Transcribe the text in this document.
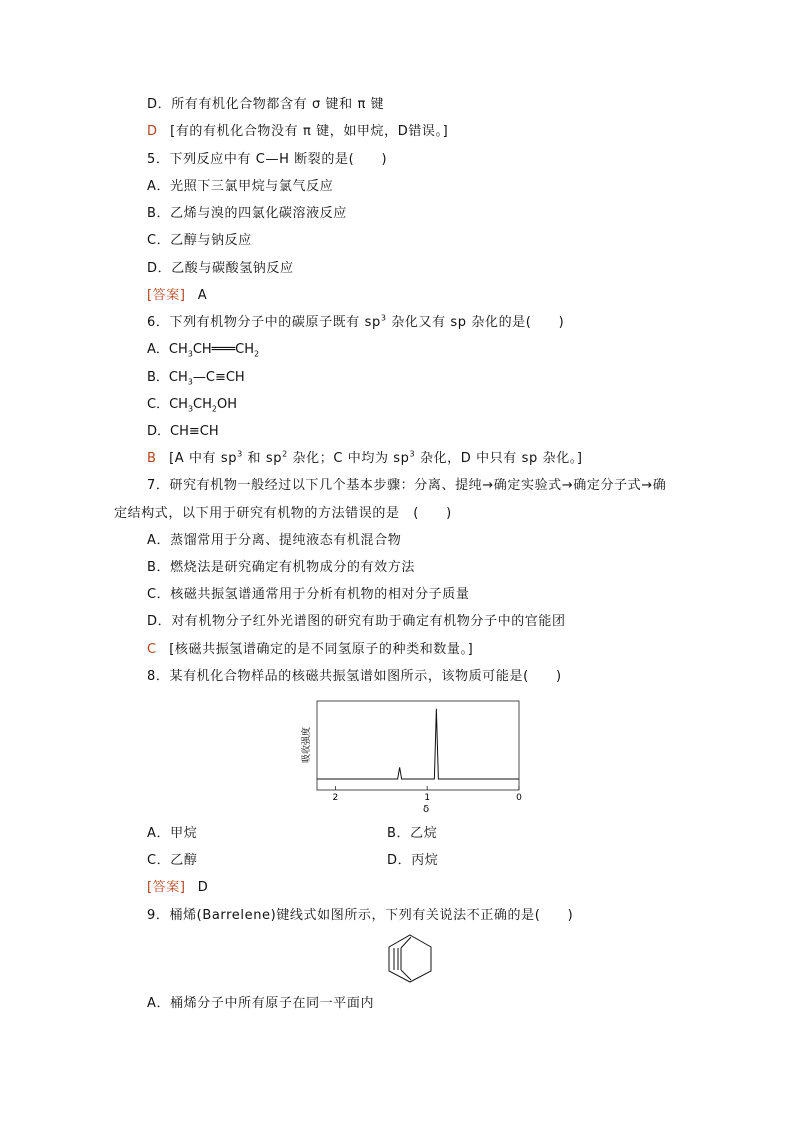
D．所有有机化合物都含有 σ 键和 π 键
D [有的有机化合物没有 π 键，如甲烷，D错误。]
5．下列反应中有 C—H 断裂的是(　　)
A．光照下三氯甲烷与氯气反应
B．乙烯与溴的四氯化碳溶液反应
C．乙醇与钠反应
D．乙酸与碳酸氢钠反应
[答案] A
6．下列有机物分子中的碳原子既有 $sp^3$ 杂化又有 sp 杂化的是(　　)
A．$CH_3CH═══CH_2$
B．$CH_3—C\equiv CH$
C．$CH_3CH_2OH$
D．CH≡CH
B [A 中有 $sp^3$ 和 $sp^2$ 杂化；C 中均为 $sp^3$ 杂化，D 中只有 sp 杂化。]
7．研究有机物一般经过以下几个基本步骤：分离、提纯→确定实验式→确定分子式→确
定结构式，以下用于研究有机物的方法错误的是　(　　)
A．蒸馏常用于分离、提纯液态有机混合物
B．燃烧法是研究确定有机物成分的有效方法
C．核磁共振氢谱通常用于分析有机物的相对分子质量
D．对有机物分子红外光谱图的研究有助于确定有机物分子中的官能团
C [核磁共振氢谱确定的是不同氢原子的种类和数量。]
8．某有机化合物样品的核磁共振氢谱如图所示，该物质可能是(　　)
吸收强度
2	1	0
δ
A．甲烷	B．乙烷
C．乙醇	D．丙烷
[答案] D
9．桶烯(Barrelene)键线式如图所示，下列有关说法不正确的是(　　)
A．桶烯分子中所有原子在同一平面内
